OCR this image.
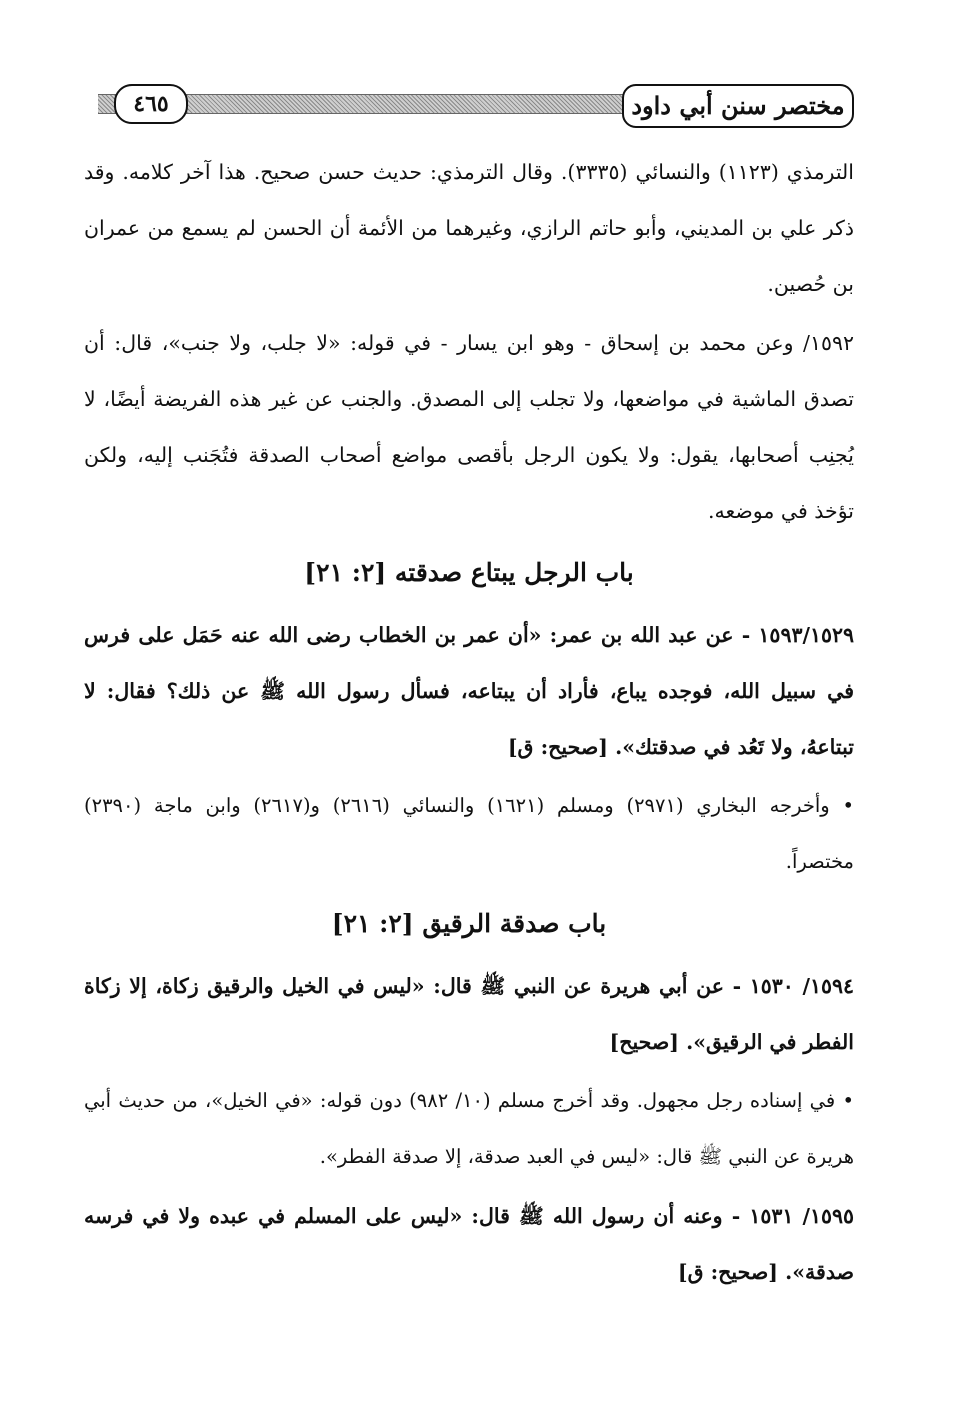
٤٦٥	مختصر سنن أبي داود

الترمذي (١١٢٣) والنسائي (٣٣٣٥). وقال الترمذي: حديث حسن صحيح. هذا آخر كلامه. وقد ذكر علي بن المديني، وأبو حاتم الرازي، وغيرهما من الأئمة أن الحسن لم يسمع من عمران بن حُصين.

١٥٩٢/ وعن محمد بن إسحاق - وهو ابن يسار - في قوله: «لا جلب، ولا جنب»، قال: أن تصدق الماشية في مواضعها، ولا تجلب إلى المصدق. والجنب عن غير هذه الفريضة أيضًا، لا يُجنِب أصحابها، يقول: ولا يكون الرجل بأقصى مواضع أصحاب الصدقة فتُجَنب إليه، ولكن تؤخذ في موضعه.

باب الرجل يبتاع صدقته [٢: ٢١]

١٥٩٣/١٥٢٩ - عن عبد الله بن عمر: «أن عمر بن الخطاب رضى الله عنه حَمَل على فرس في سبيل الله، فوجده يباع، فأراد أن يبتاعه، فسأل رسول الله ﷺ عن ذلك؟ فقال: لا تبتاعهُ، ولا تَعُد في صدقتك». [صحيح: ق]

• وأخرجه البخاري (٢٩٧١) ومسلم (١٦٢١) والنسائي (٢٦١٦) و(٢٦١٧) وابن ماجة (٢٣٩٠) مختصراً.

باب صدقة الرقيق [٢: ٢١]

١٥٩٤/ ١٥٣٠ - عن أبي هريرة عن النبي ﷺ قال: «ليس في الخيل والرقيق زكاة، إلا زكاة الفطر في الرقيق». [صحيح]

• في إسناده رجل مجهول. وقد أخرج مسلم (١٠/ ٩٨٢) دون قوله: «في الخيل»، من حديث أبي هريرة عن النبي ﷺ قال: «ليس في العبد صدقة، إلا صدقة الفطر».

١٥٩٥/ ١٥٣١ - وعنه أن رسول الله ﷺ قال: «ليس على المسلم في عبده ولا في فرسه صدقة». [صحيح: ق]
